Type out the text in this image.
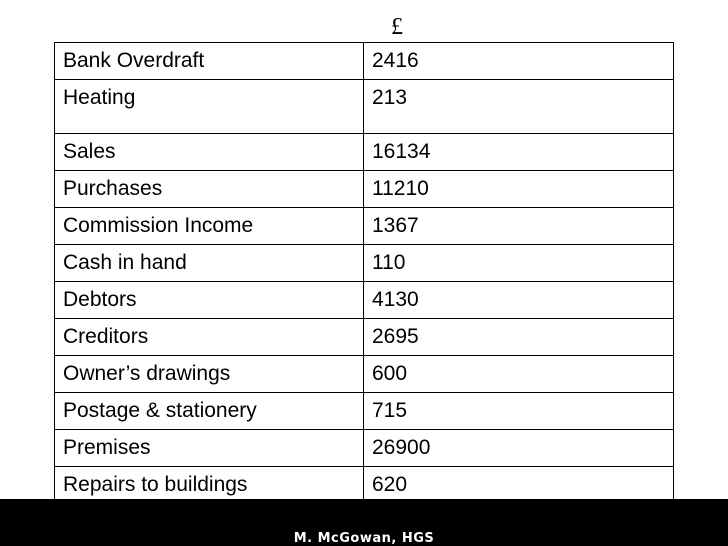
£
Bank Overdraft	2416
Heating	213
Sales	16134
Purchases	11210
Commission Income	1367
Cash in hand	110
Debtors	4130
Creditors	2695
Owner’s drawings	600
Postage & stationery	715
Premises	26900
Repairs to buildings	620
M. McGowan, HGS
